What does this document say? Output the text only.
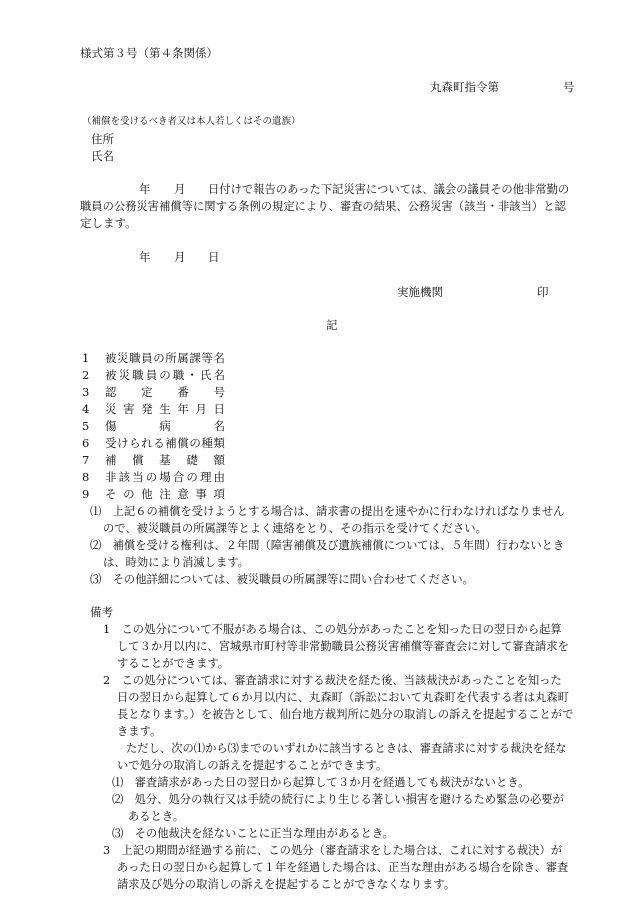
様式第３号（第４条関係）
丸森町指令第	号
（補償を受けるべき者又は本人若しくはその遺族）
住所
氏名
年 月 日付けで報告のあった下記災害については、議会の議員その他非常勤の
職員の公務災害補償等に関する条例の規定により、審査の結果、公務災害（該当・非該当）と認
定します。
年 月 日
実施機関	印
記
1 被 災 職 員 の 所 属 課 等 名
2 被 災 職 員 の 職 ・ 氏 名
3 認 定 番 号
4 災 害 発 生 年 月 日
5 傷	病	名
6 受 け ら れ る 補 償 の 種 類
7 補 償 基 礎 額
8 非 該 当 の 場 合 の 理 由
9 そ の 他 注 意 事 項
⑴　上記６の補償を受けようとする場合は、請求書の提出を速やかに行わなければなりません
ので、被災職員の所属課等とよく連絡をとり、その指示を受けてください。
⑵　補償を受ける権利は、２年間（障害補償及び遺族補償については、５年間）行わないとき
は、時効により消滅します。
⑶　その他詳細については、被災職員の所属課等に問い合わせてください。
備考
1　この処分について不服がある場合は、この処分があったことを知った日の翌日から起算
して３か月以内に、宮城県市町村等非常勤職員公務災害補償等審査会に対して審査請求を
することができます。
2　この処分については、審査請求に対する裁決を経た後、当該裁決があったことを知った
日の翌日から起算して６か月以内に、丸森町（訴訟において丸森町を代表する者は丸森町
長となります。）を被告として、仙台地方裁判所に処分の取消しの訴えを提起することがで
きます。
ただし、次の⑴から⑶までのいずれかに該当するときは、審査請求に対する裁決を経な
いで処分の取消しの訴えを提起することができます。
⑴　審査請求があった日の翌日から起算して３か月を経過しても裁決がないとき。
⑵　処分、処分の執行又は手続の続行により生じる著しい損害を避けるため緊急の必要が
あるとき。
⑶　その他裁決を経ないことに正当な理由があるとき。
3　上記の期間が経過する前に、この処分（審査請求をした場合は、これに対する裁決）が
あった日の翌日から起算して１年を経過した場合は、正当な理由がある場合を除き、審査
請求及び処分の取消しの訴えを提起することができなくなります。
